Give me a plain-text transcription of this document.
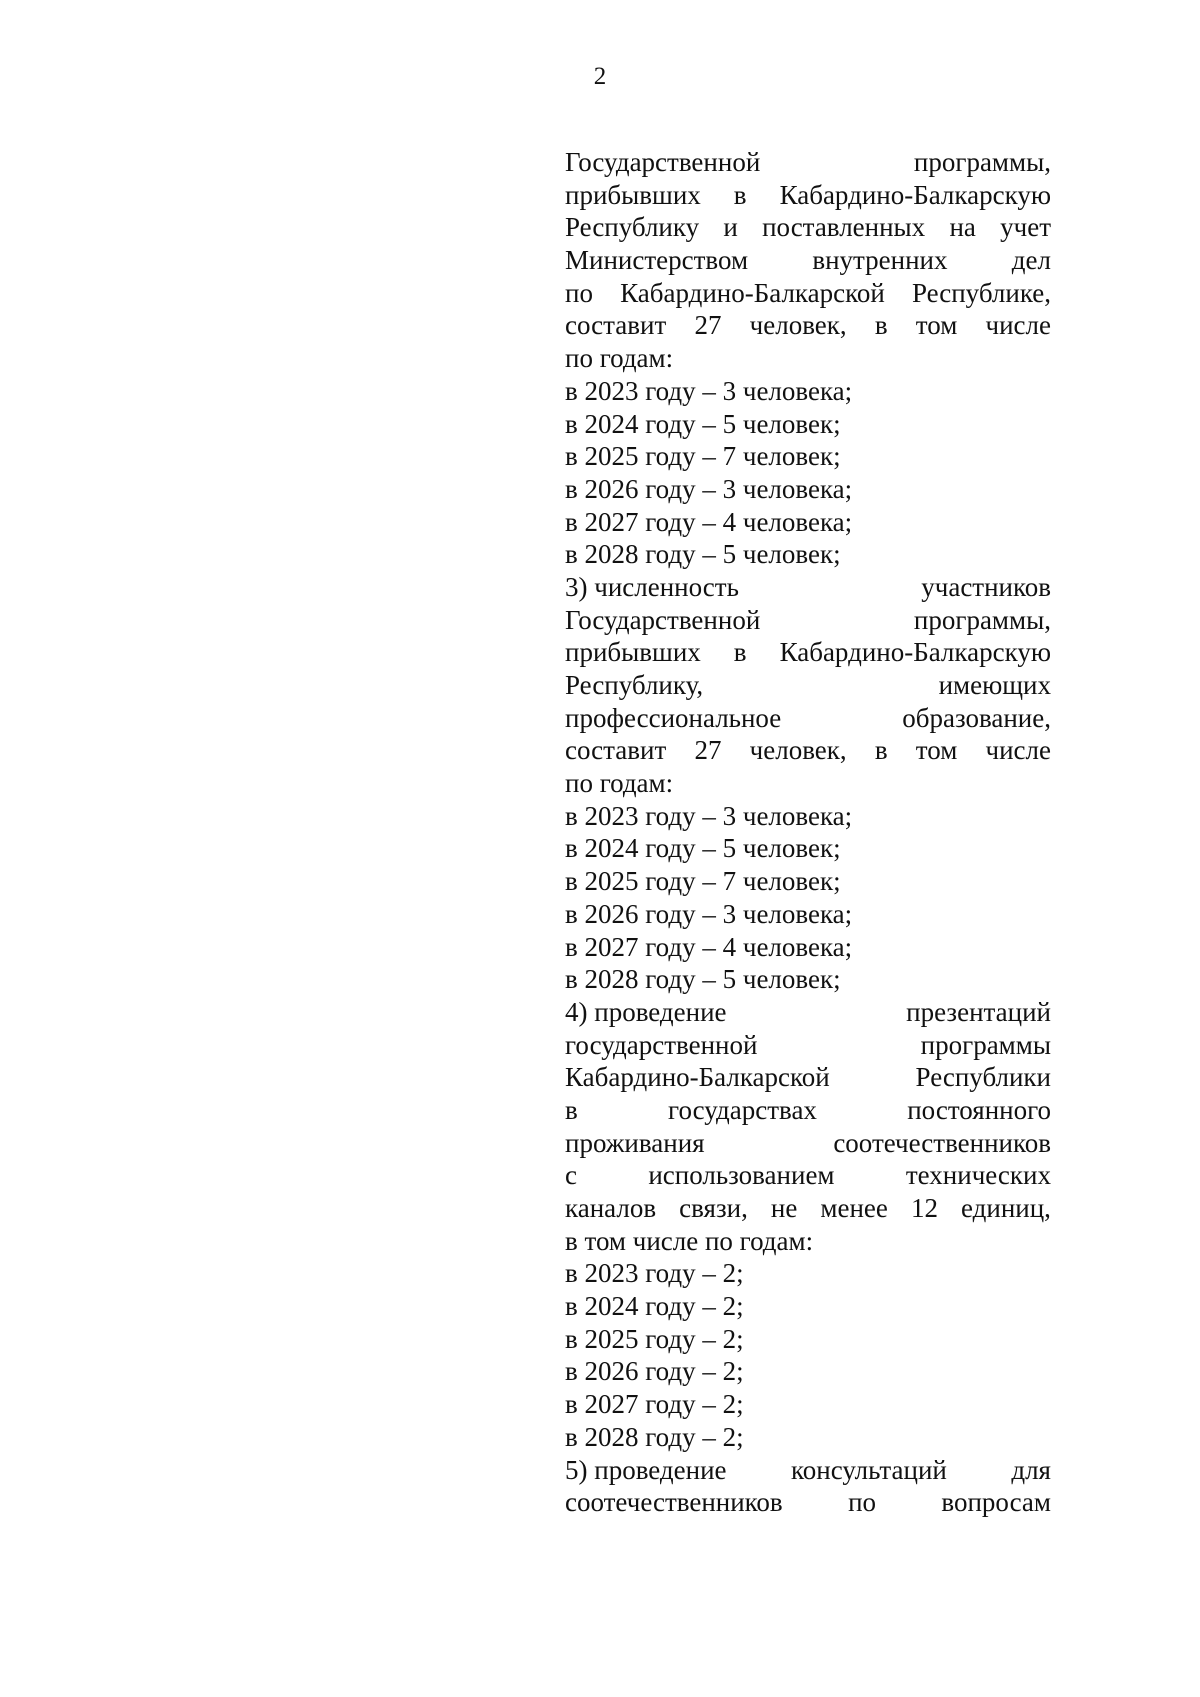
2
Государственной	программы,
прибывших в Кабардино-Балкарскую
Республику и поставленных на учет
Министерством внутренних дел
по Кабардино-Балкарской Республике,
составит 27 человек, в том числе
по годам:
в 2023 году – 3 человека;
в 2024 году – 5 человек;
в 2025 году – 7 человек;
в 2026 году – 3 человека;
в 2027 году – 4 человека;
в 2028 году – 5 человек;
3) численность	участников
Государственной	программы,
прибывших в Кабардино-Балкарскую
Республику,	имеющих
профессиональное	образование,
составит 27 человек, в том числе
по годам:
в 2023 году – 3 человека;
в 2024 году – 5 человек;
в 2025 году – 7 человек;
в 2026 году – 3 человека;
в 2027 году – 4 человека;
в 2028 году – 5 человек;
4) проведение	презентаций
государственной	программы
Кабардино-Балкарской	Республики
в	государствах	постоянного
проживания	соотечественников
с	использованием	технических
каналов связи, не менее 12 единиц,
в том числе по годам:
в 2023 году – 2;
в 2024 году – 2;
в 2025 году – 2;
в 2026 году – 2;
в 2027 году – 2;
в 2028 году – 2;
5) проведение консультаций для
соотечественников по вопросам
